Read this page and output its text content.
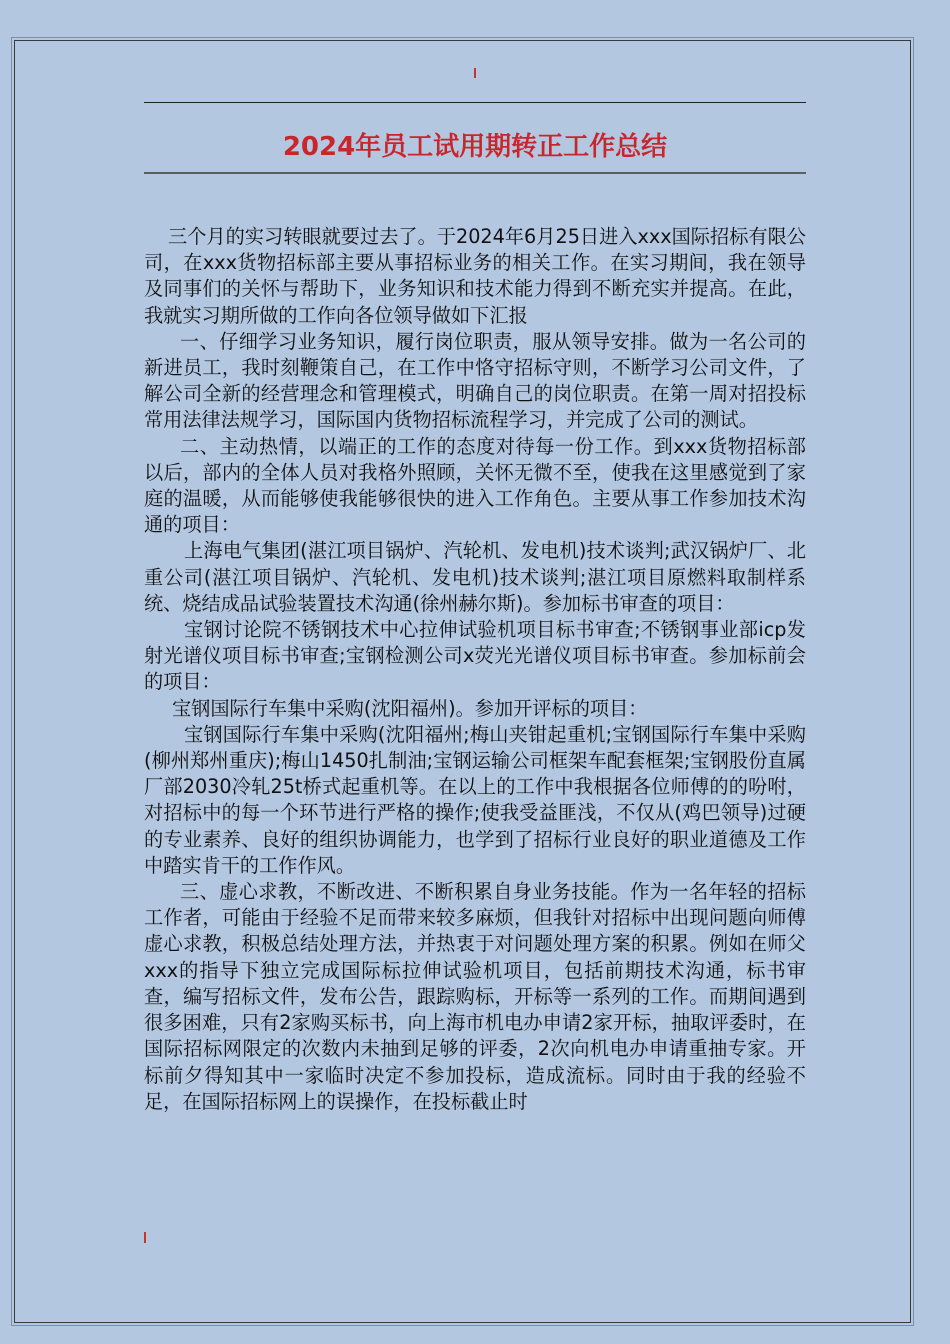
2024年员工试用期转正工作总结

三个月的实习转眼就要过去了。于2024年6月25日进入xxx国际招标有限公司，在xxx货物招标部主要从事招标业务的相关工作。在实习期间，我在领导及同事们的关怀与帮助下，业务知识和技术能力得到不断充实并提高。在此，我就实习期所做的工作向各位领导做如下汇报

一、仔细学习业务知识，履行岗位职责，服从领导安排。做为一名公司的新进员工，我时刻鞭策自己，在工作中恪守招标守则，不断学习公司文件，了解公司全新的经营理念和管理模式，明确自己的岗位职责。在第一周对招投标常用法律法规学习，国际国内货物招标流程学习，并完成了公司的测试。

二、主动热情，以端正的工作的态度对待每一份工作。到xxx货物招标部以后，部内的全体人员对我格外照顾，关怀无微不至，使我在这里感觉到了家庭的温暖，从而能够使我能够很快的进入工作角色。主要从事工作参加技术沟通的项目：

上海电气集团(湛江项目锅炉、汽轮机、发电机)技术谈判;武汉锅炉厂、北重公司(湛江项目锅炉、汽轮机、发电机)技术谈判;湛江项目原燃料取制样系统、烧结成品试验装置技术沟通(徐州赫尔斯)。参加标书审查的项目：

宝钢讨论院不锈钢技术中心拉伸试验机项目标书审查;不锈钢事业部icp发射光谱仪项目标书审查;宝钢检测公司x荧光光谱仪项目标书审查。参加标前会的项目：

宝钢国际行车集中采购(沈阳福州)。参加开评标的项目：

宝钢国际行车集中采购(沈阳福州;梅山夹钳起重机;宝钢国际行车集中采购(柳州郑州重庆);梅山1450扎制油;宝钢运输公司框架车配套框架;宝钢股份直属厂部2030冷轧25t桥式起重机等。在以上的工作中我根据各位师傅的的吩咐，对招标中的每一个环节进行严格的操作;使我受益匪浅，不仅从(鸡巴领导)过硬的专业素养、良好的组织协调能力，也学到了招标行业良好的职业道德及工作中踏实肯干的工作作风。

三、虚心求教，不断改进、不断积累自身业务技能。作为一名年轻的招标工作者，可能由于经验不足而带来较多麻烦，但我针对招标中出现问题向师傅虚心求教，积极总结处理方法，并热衷于对问题处理方案的积累。例如在师父xxx的指导下独立完成国际标拉伸试验机项目，包括前期技术沟通，标书审查，编写招标文件，发布公告，跟踪购标，开标等一系列的工作。而期间遇到很多困难，只有2家购买标书，向上海市机电办申请2家开标，抽取评委时，在国际招标网限定的次数内未抽到足够的评委，2次向机电办申请重抽专家。开标前夕得知其中一家临时决定不参加投标，造成流标。同时由于我的经验不足，在国际招标网上的误操作，在投标截止时
